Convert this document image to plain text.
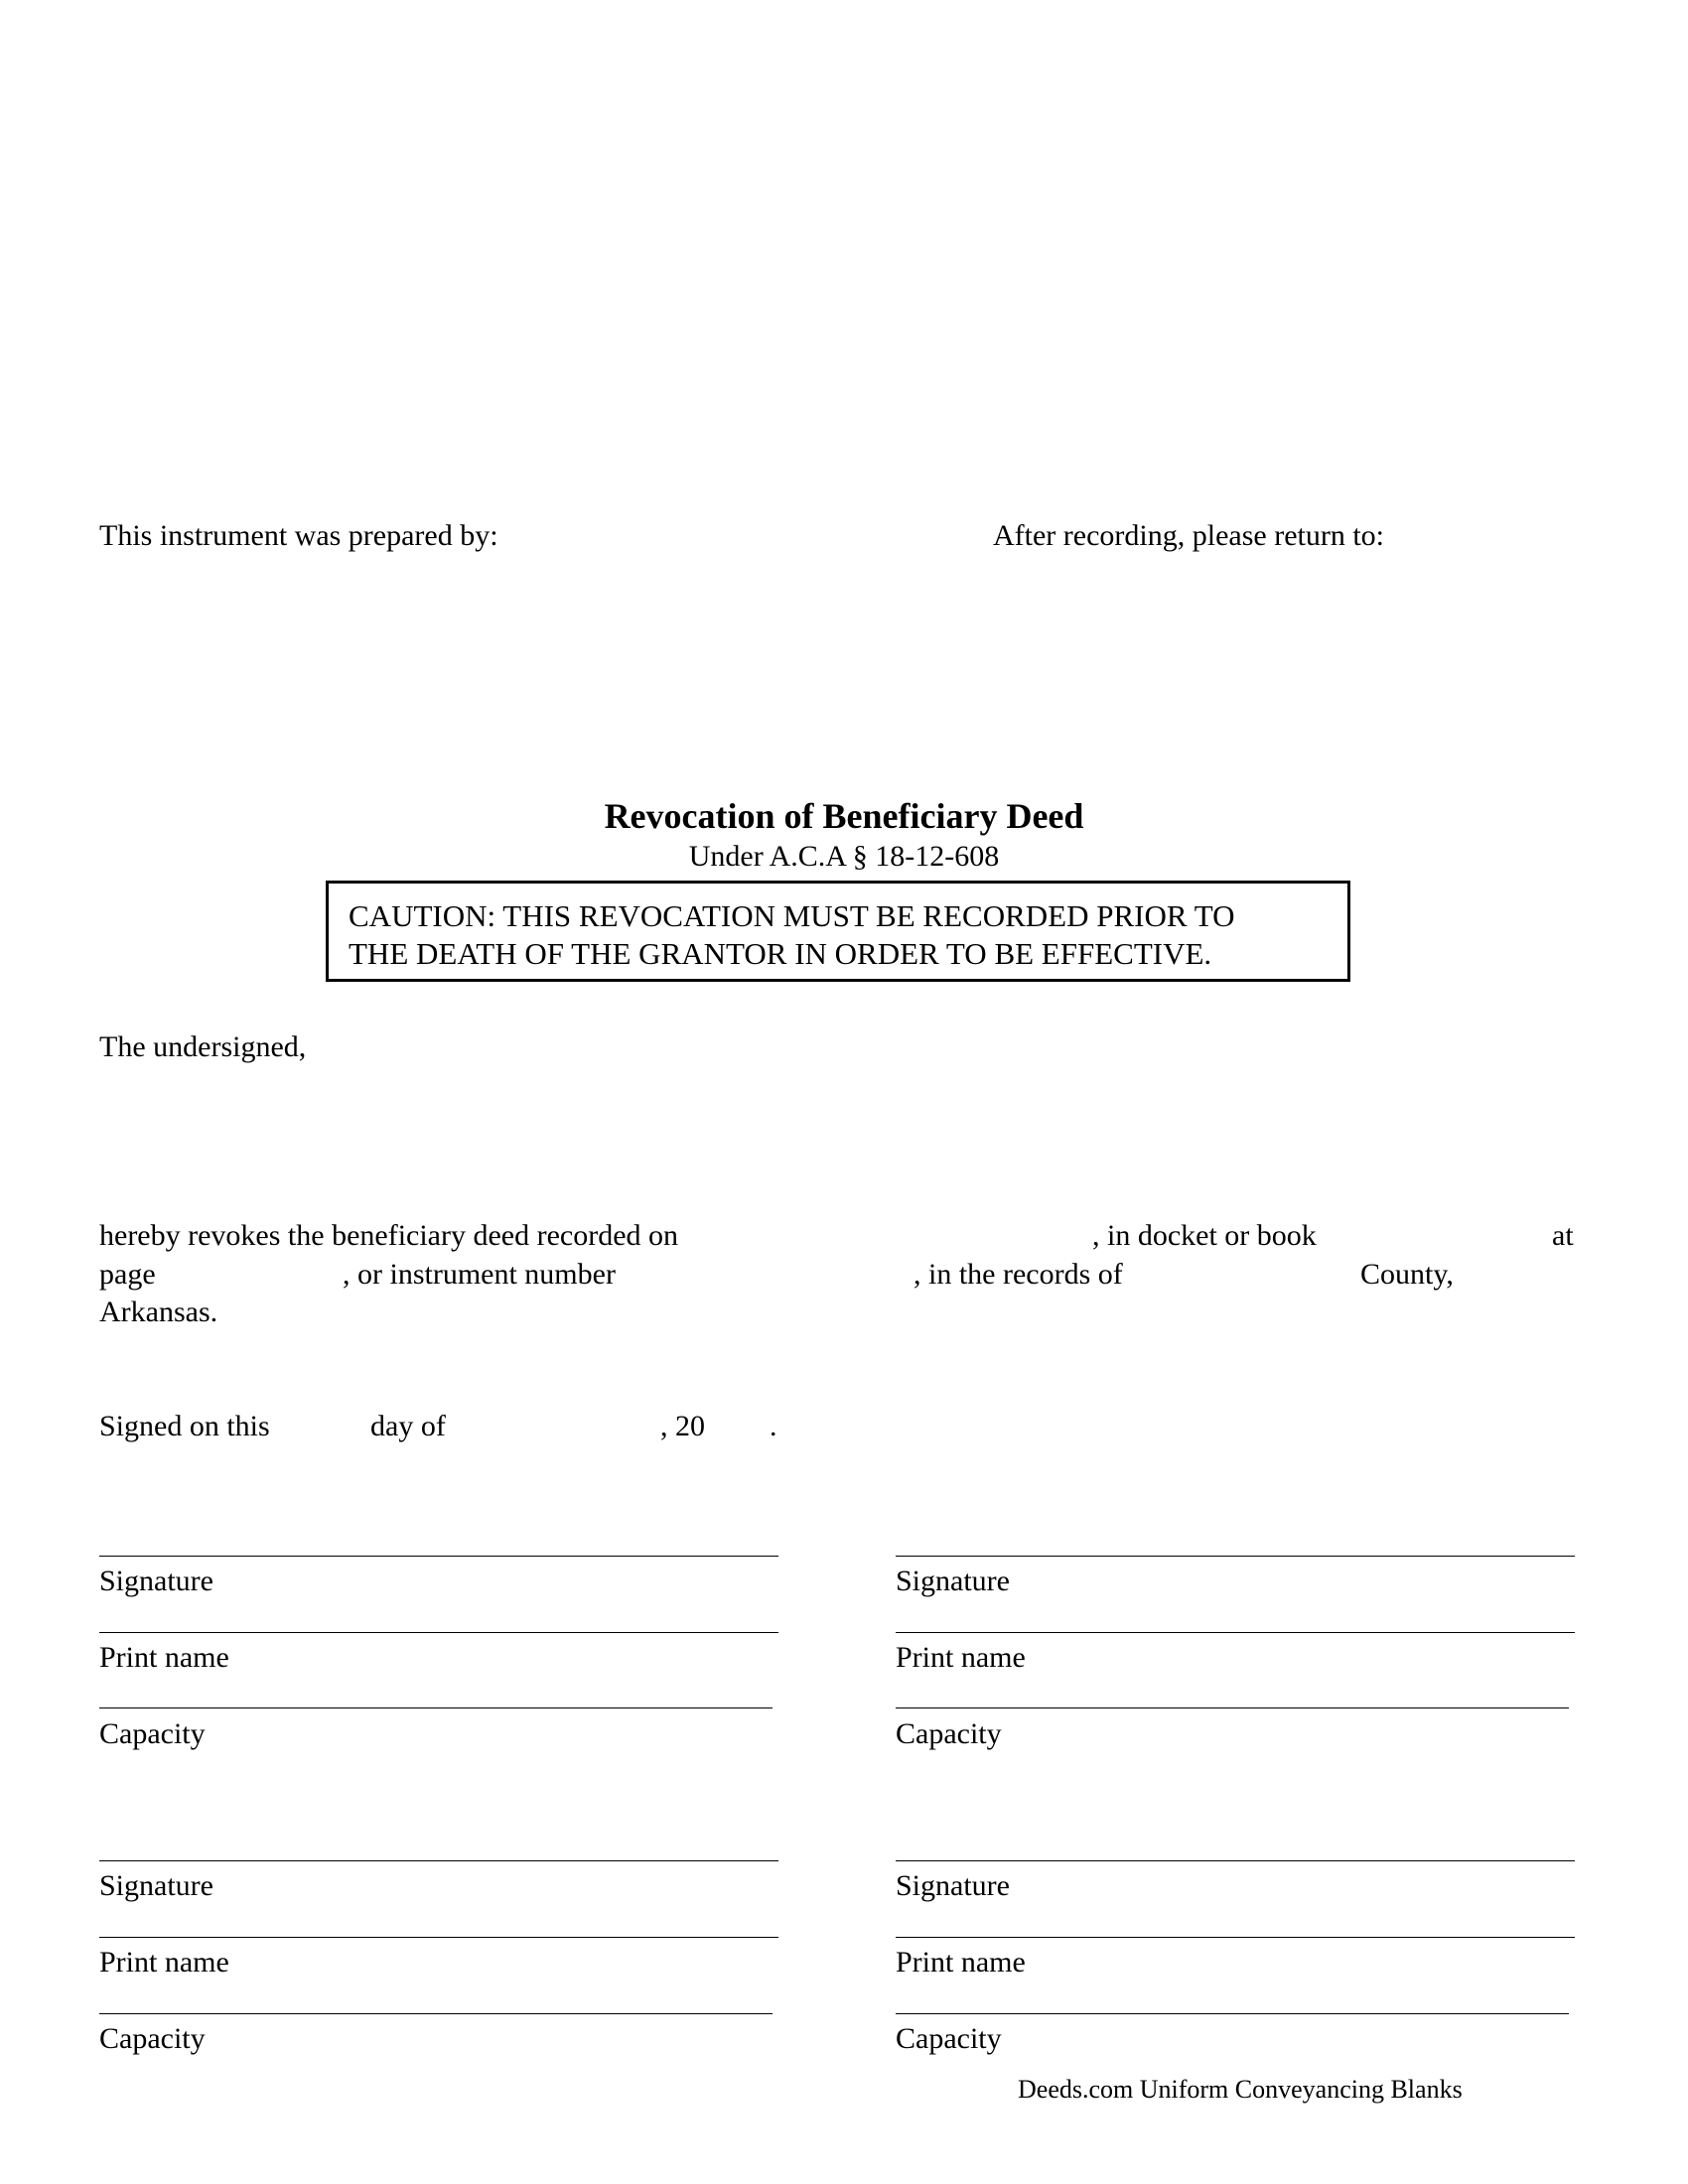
This instrument was prepared by:	After recording, please return to:
Revocation of Beneficiary Deed
Under A.C.A § 18-12-608
CAUTION: THIS REVOCATION MUST BE RECORDED PRIOR TO
THE DEATH OF THE GRANTOR IN ORDER TO BE EFFECTIVE.
The undersigned,
hereby revokes the beneficiary deed recorded on	, in docket or book	at
page	, or instrument number	, in the records of	County,
Arkansas.
Signed on this	day of	, 20 .
Signature
Print name
Capacity
Signature
Print name
Capacity
Signature
Print name
Capacity
Signature
Print name
Capacity
Deeds.com Uniform Conveyancing Blanks
